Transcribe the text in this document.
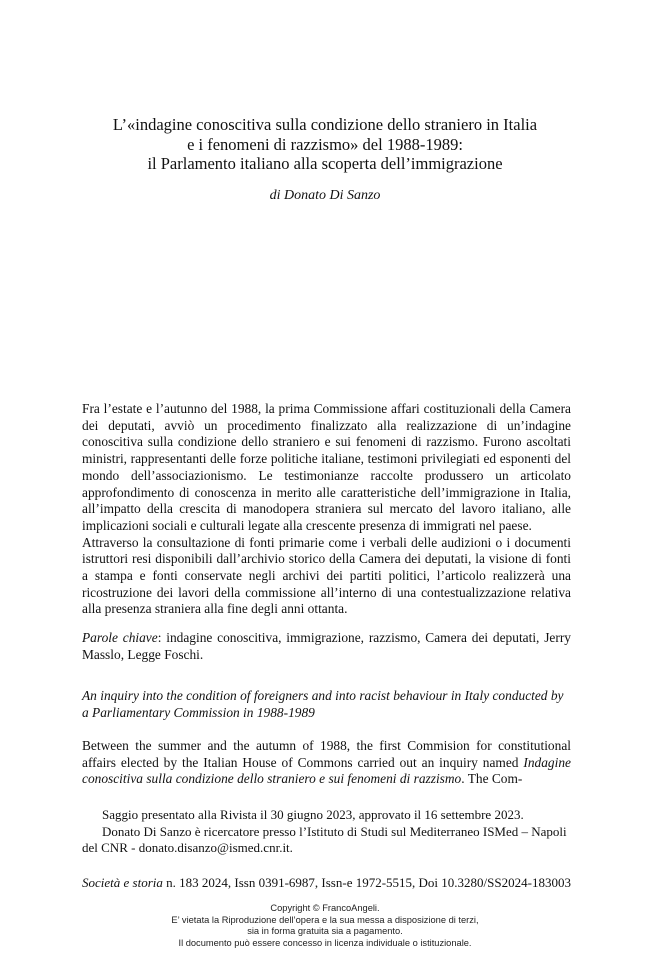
L’«indagine conoscitiva sulla condizione dello straniero in Italia
e i fenomeni di razzismo» del 1988-1989:
il Parlamento italiano alla scoperta dell’immigrazione
di Donato Di Sanzo

Fra l’estate e l’autunno del 1988, la prima Commissione affari costituzionali della Camera dei deputati, avviò un procedimento finalizzato alla realizzazione di un’indagine conoscitiva sulla condizione dello straniero e sui fenomeni di razzismo. Furono ascoltati ministri, rappresentanti delle forze politiche italiane, testimoni privilegiati ed esponenti del mondo dell’associazionismo. Le testimonianze raccolte produssero un articolato approfondimento di conoscenza in merito alle caratteristiche dell’immigrazione in Italia, all’impatto della crescita di manodopera straniera sul mercato del lavoro italiano, alle implicazioni sociali e culturali legate alla crescente presenza di immigrati nel paese.

Attraverso la consultazione di fonti primarie come i verbali delle audizioni o i documenti istruttori resi disponibili dall’archivio storico della Camera dei deputati, la visione di fonti a stampa e fonti conservate negli archivi dei partiti politici, l’articolo realizzerà una ricostruzione dei lavori della commissione all’interno di una contestualizzazione relativa alla presenza straniera alla fine degli anni ottanta.

Parole chiave: indagine conoscitiva, immigrazione, razzismo, Camera dei deputati, Jerry Masslo, Legge Foschi.

An inquiry into the condition of foreigners and into racist behaviour in Italy conducted by a Parliamentary Commission in 1988-1989

Between the summer and the autumn of 1988, the first Commision for constitutional affairs elected by the Italian House of Commons carried out an inquiry named Indagine conoscitiva sulla condizione dello straniero e sui fenomeni di razzismo. The Com-

Saggio presentato alla Rivista il 30 giugno 2023, approvato il 16 settembre 2023.

Donato Di Sanzo è ricercatore presso l’Istituto di Studi sul Mediterraneo ISMed – Napoli del CNR - donato.disanzo@ismed.cnr.it.

Società e storia n. 183 2024, Issn 0391-6987, Issn-e 1972-5515, Doi 10.3280/SS2024-183003
Copyright © FrancoAngeli.
E’ vietata la Riproduzione dell’opera e la sua messa a disposizione di terzi,
sia in forma gratuita sia a pagamento.
Il documento può essere concesso in licenza individuale o istituzionale.
